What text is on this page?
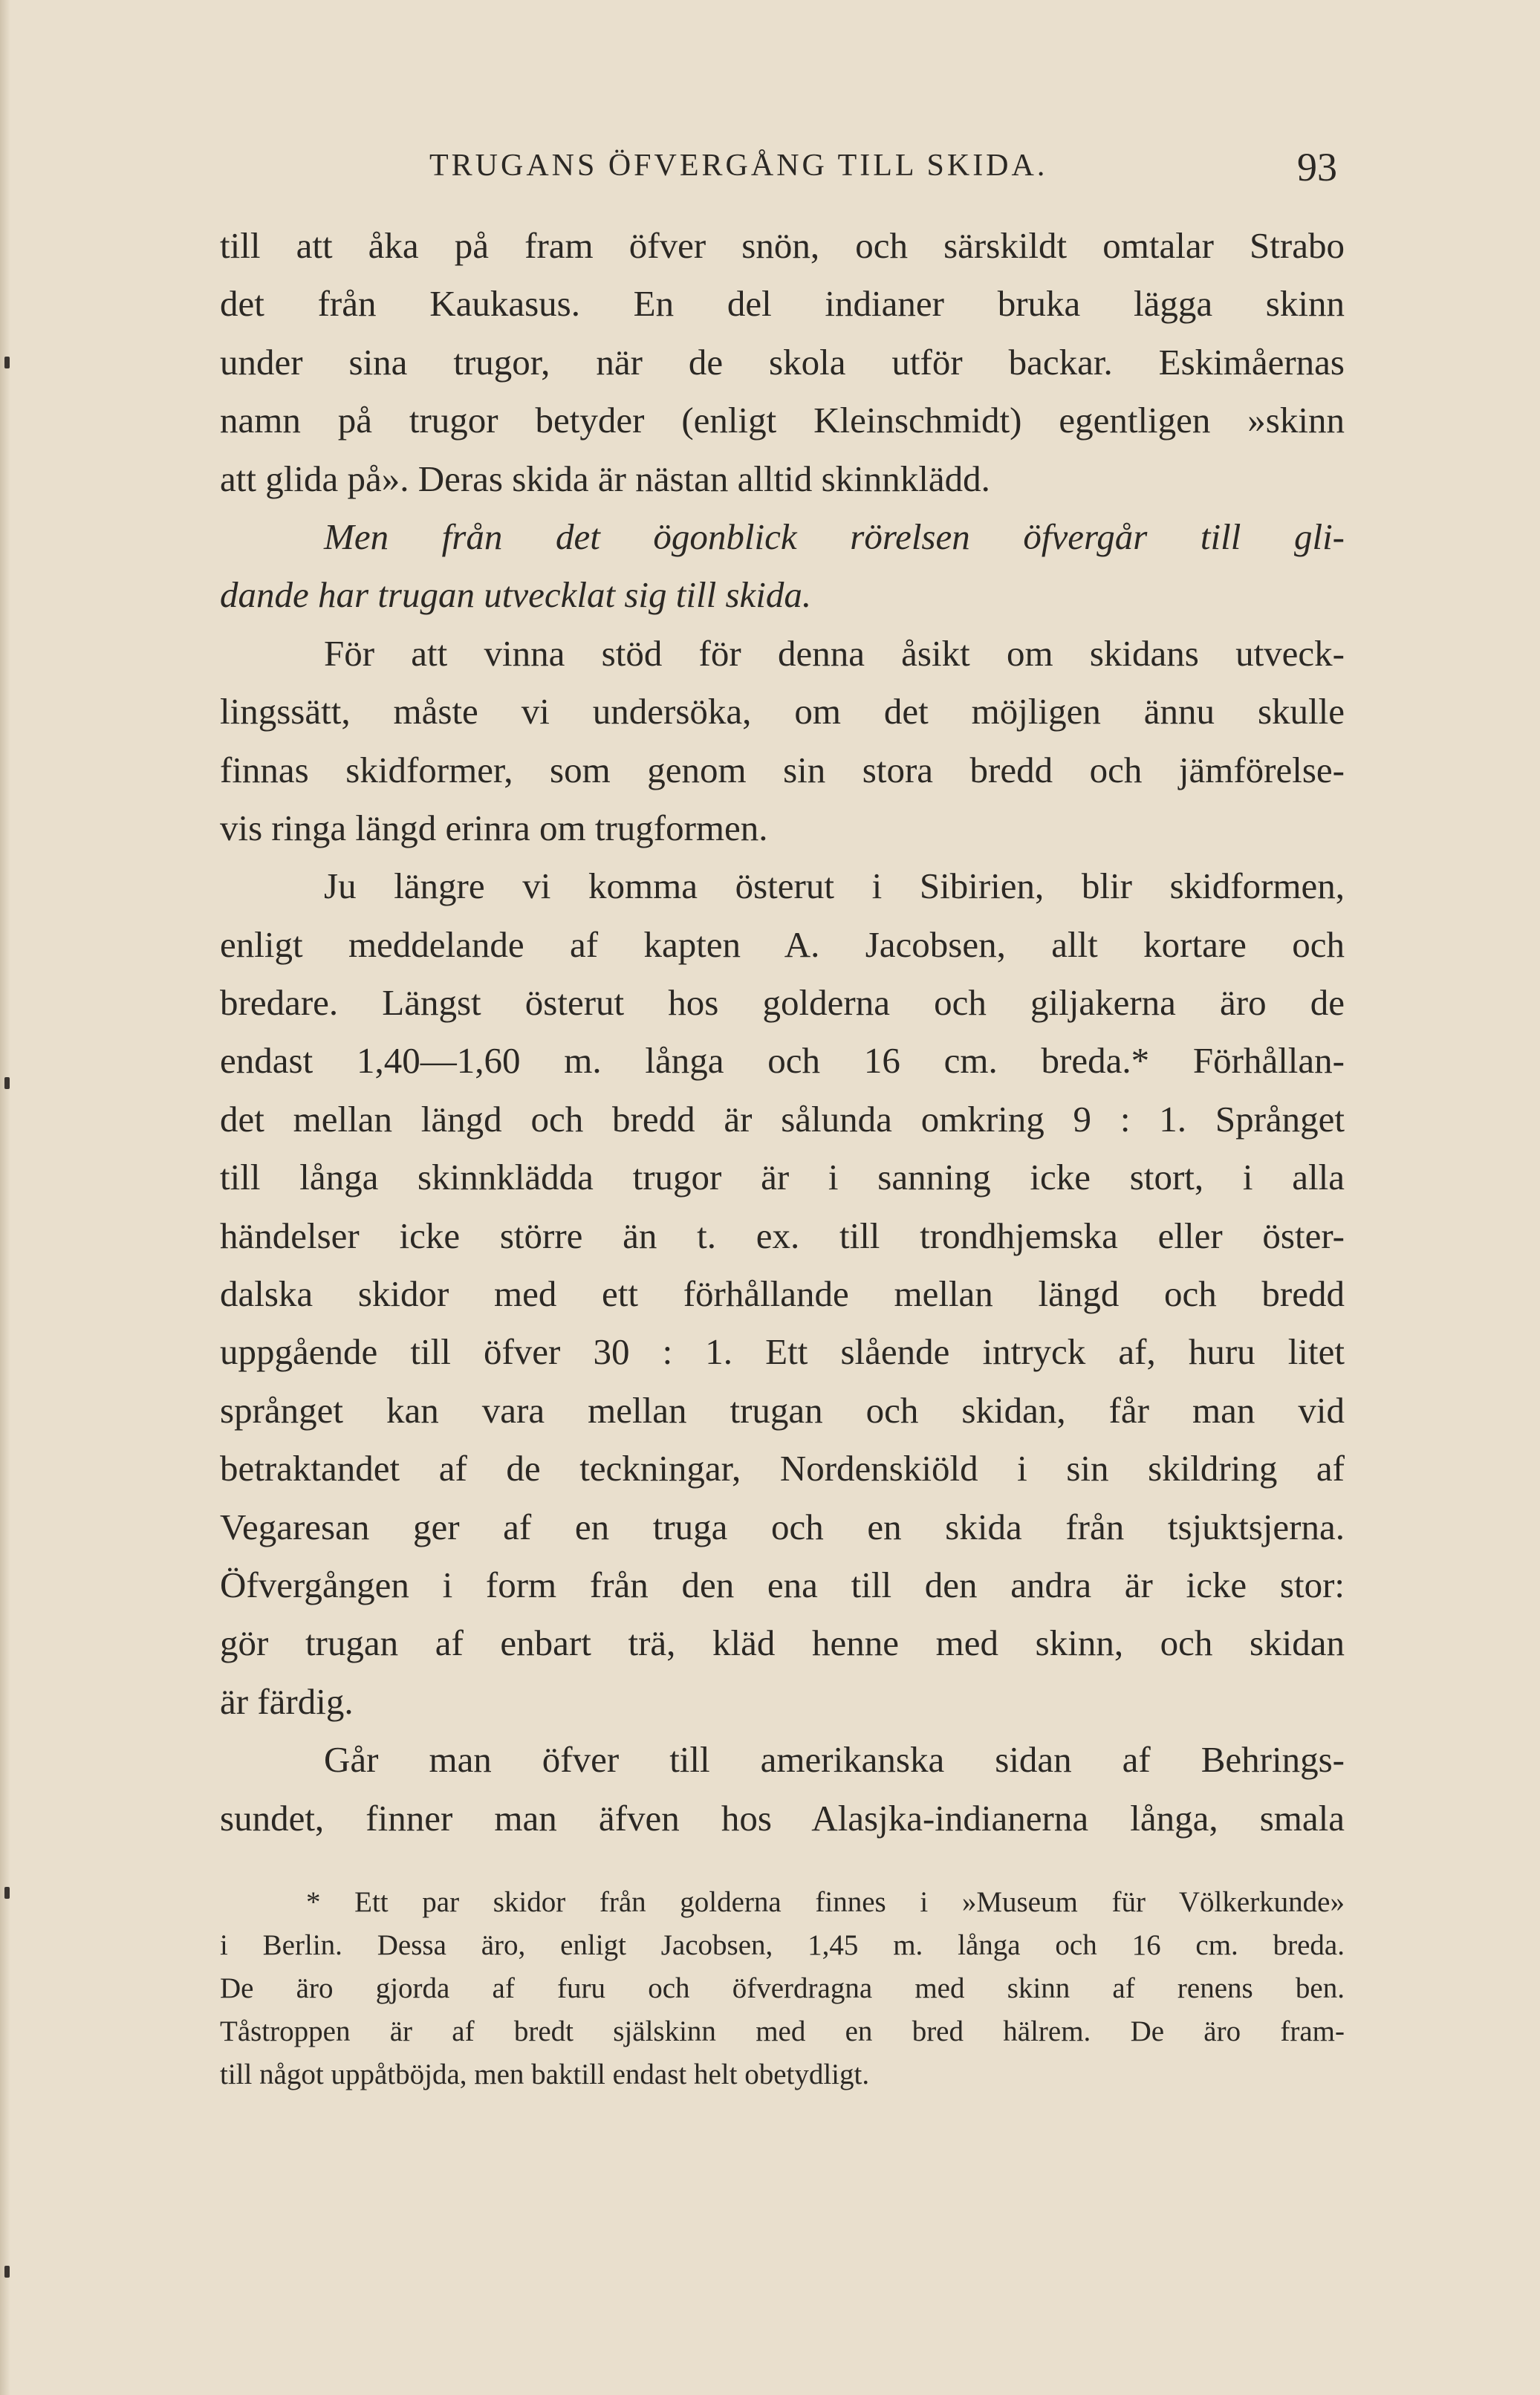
TRUGANS ÖFVERGÅNG TILL SKIDA.	93
till att åka på fram öfver snön, och särskildt omtalar Strabo
det från Kaukasus. En del indianer bruka lägga skinn
under sina trugor, när de skola utför backar. Eskimåernas
namn på trugor betyder (enligt Kleinschmidt) egentligen »skinn
att glida på». Deras skida är nästan alltid skinnklädd.
Men från det ögonblick rörelsen öfvergår till gli-
dande har trugan utvecklat sig till skida.
För att vinna stöd för denna åsikt om skidans utveck-
lingssätt, måste vi undersöka, om det möjligen ännu skulle
finnas skidformer, som genom sin stora bredd och jämförelse-
vis ringa längd erinra om trugformen.
Ju längre vi komma österut i Sibirien, blir skidformen,
enligt meddelande af kapten A. Jacobsen, allt kortare och
bredare. Längst österut hos golderna och giljakerna äro de
endast 1,40—1,60 m. långa och 16 cm. breda.* Förhållan-
det mellan längd och bredd är sålunda omkring 9 : 1. Språnget
till långa skinnklädda trugor är i sanning icke stort, i alla
händelser icke större än t. ex. till trondhjemska eller öster-
dalska skidor med ett förhållande mellan längd och bredd
uppgående till öfver 30 : 1. Ett slående intryck af, huru litet
språnget kan vara mellan trugan och skidan, får man vid
betraktandet af de teckningar, Nordenskiöld i sin skildring af
Vegaresan ger af en truga och en skida från tsjuktsjerna.
Öfvergången i form från den ena till den andra är icke stor:
gör trugan af enbart trä, kläd henne med skinn, och skidan
är färdig.
Går man öfver till amerikanska sidan af Behrings-
sundet, finner man äfven hos Alasjka-indianerna långa, smala
* Ett par skidor från golderna finnes i »Museum für Völkerkunde»
i Berlin. Dessa äro, enligt Jacobsen, 1,45 m. långa och 16 cm. breda.
De äro gjorda af furu och öfverdragna med skinn af renens ben.
Tåstroppen är af bredt själskinn med en bred hälrem. De äro fram-
till något uppåtböjda, men baktill endast helt obetydligt.
